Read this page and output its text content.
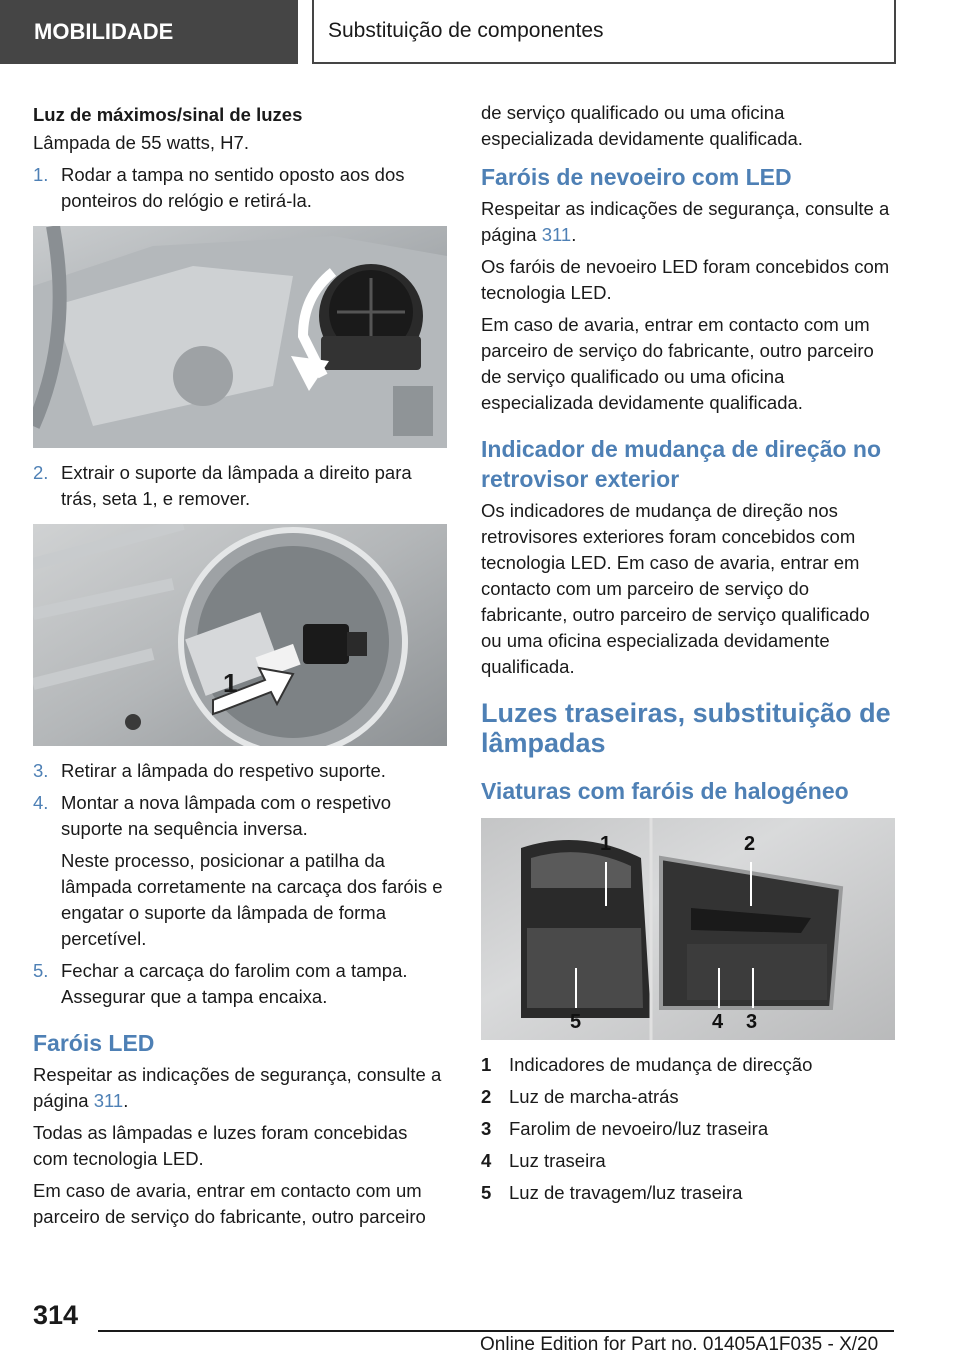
MOBILIDADE	Substituição de componentes
Luz de máximos/sinal de luzes

Lâmpada de 55 watts, H7.

1. Rodar a tampa no sentido oposto aos dos ponteiros do relógio e retirá-la.
2. Extrair o suporte da lâmpada a direito para trás, seta 1, e remover.
1
3. Retirar a lâmpada do respetivo suporte.
4. Montar a nova lâmpada com o respetivo suporte na sequência inversa.
Neste processo, posicionar a patilha da lâmpada corretamente na carcaça dos faróis e engatar o suporte da lâmpada de forma percetível.
5. Fechar a carcaça do farolim com a tampa. Assegurar que a tampa encaixa.
Faróis LED

Respeitar as indicações de segurança, consulte a página 311.

Todas as lâmpadas e luzes foram concebidas com tecnologia LED.

Em caso de avaria, entrar em contacto com um parceiro de serviço do fabricante, outro parceiro

de serviço qualificado ou uma oficina especializada devidamente qualificada.

Faróis de nevoeiro com LED

Respeitar as indicações de segurança, consulte a página 311.

Os faróis de nevoeiro LED foram concebidos com tecnologia LED.

Em caso de avaria, entrar em contacto com um parceiro de serviço do fabricante, outro parceiro de serviço qualificado ou uma oficina especializada devidamente qualificada.

Indicador de mudança de direção no retrovisor exterior

Os indicadores de mudança de direção nos retrovisores exteriores foram concebidos com tecnologia LED. Em caso de avaria, entrar em contacto com um parceiro de serviço do fabricante, outro parceiro de serviço qualificado ou uma oficina especializada devidamente qualificada.

Luzes traseiras, substituição de lâmpadas
Viaturas com faróis de halogéneo
1	2
5	4 3
1 Indicadores de mudança de direcção
2 Luz de marcha-atrás
3 Farolim de nevoeiro/luz traseira
4 Luz traseira
5 Luz de travagem/luz traseira
314
Online Edition for Part no. 01405A1F035 - X/20
